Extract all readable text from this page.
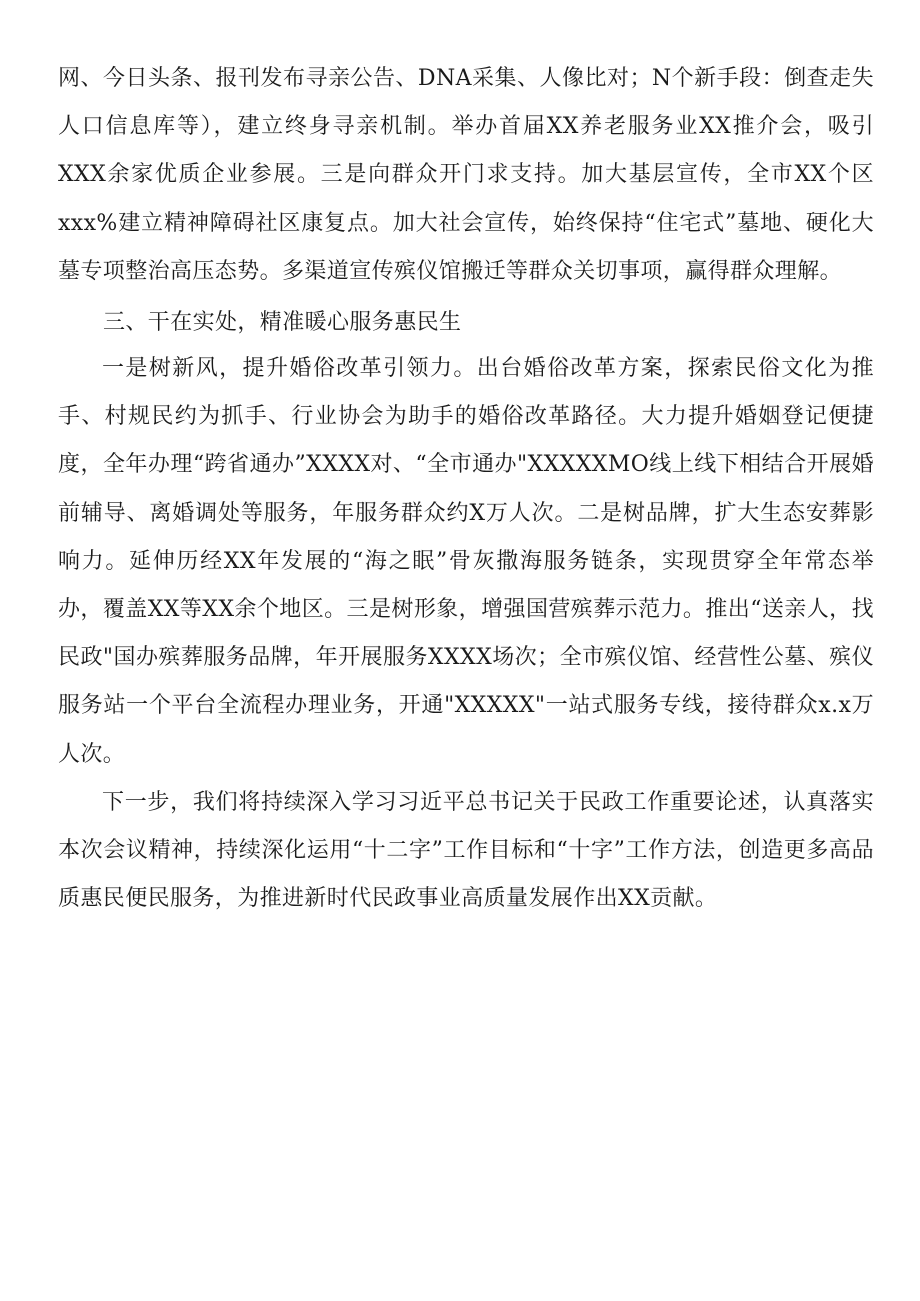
网、今日头条、报刊发布寻亲公告、DNA采集、人像比对；N个新手段：倒查走失人口信息库等），建立终身寻亲机制。举办首届XX养老服务业XX推介会，吸引XXX余家优质企业参展。三是向群众开门求支持。加大基层宣传，全市XX个区xxx%建立精神障碍社区康复点。加大社会宣传，始终保持“住宅式”墓地、硬化大墓专项整治高压态势。多渠道宣传殡仪馆搬迁等群众关切事项，赢得群众理解。

三、干在实处，精准暖心服务惠民生

一是树新风，提升婚俗改革引领力。出台婚俗改革方案，探索民俗文化为推手、村规民约为抓手、行业协会为助手的婚俗改革路径。大力提升婚姻登记便捷度，全年办理“跨省通办”XXXX对、“全市通办"XXXXXMO线上线下相结合开展婚前辅导、离婚调处等服务，年服务群众约X万人次。二是树品牌，扩大生态安葬影响力。延伸历经XX年发展的“海之眠”骨灰撒海服务链条，实现贯穿全年常态举办，覆盖XX等XX余个地区。三是树形象，增强国营殡葬示范力。推出“送亲人，找民政"国办殡葬服务品牌，年开展服务XXXX场次；全市殡仪馆、经营性公墓、殡仪服务站一个平台全流程办理业务，开通"XXXXX"一站式服务专线，接待群众x.x万人次。

下一步，我们将持续深入学习习近平总书记关于民政工作重要论述，认真落实本次会议精神，持续深化运用“十二字”工作目标和“十字”工作方法，创造更多高品质惠民便民服务，为推进新时代民政事业高质量发展作出XX贡献。
